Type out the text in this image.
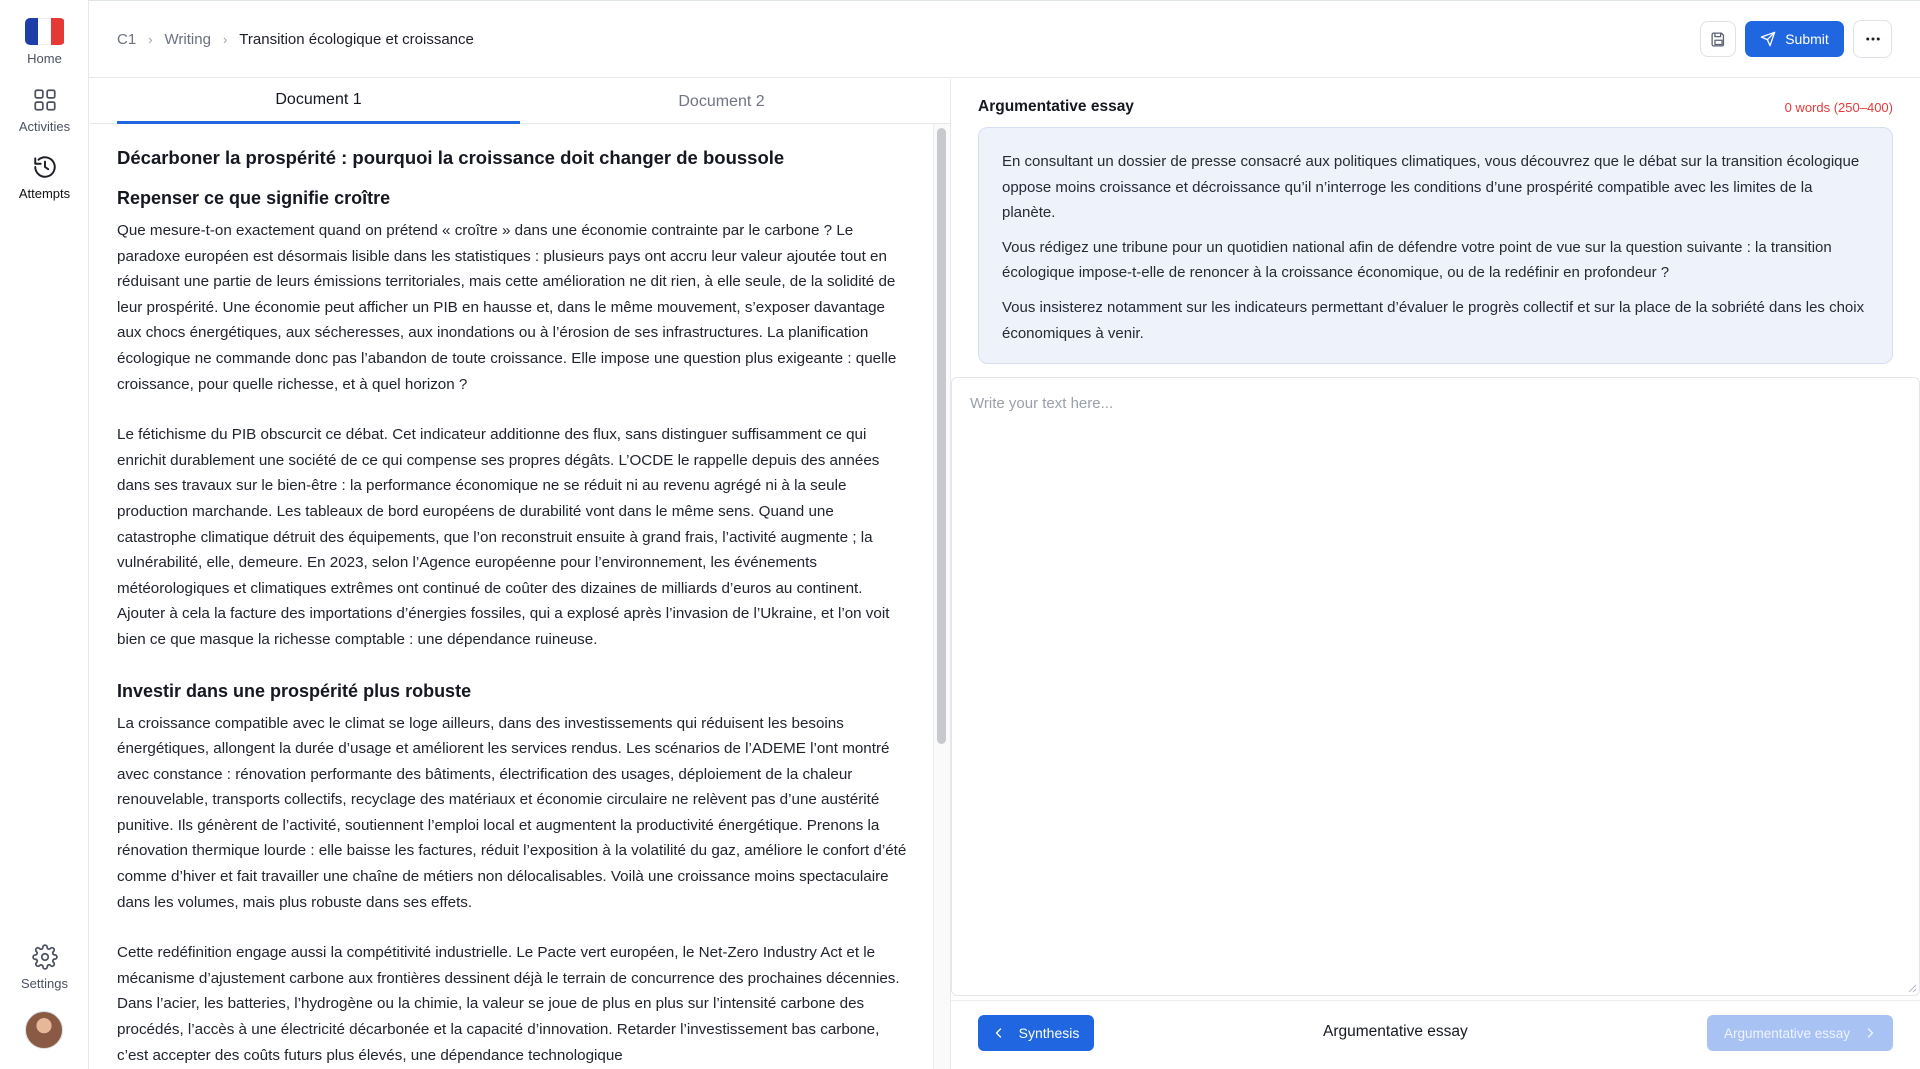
Home
Activities
Attempts
Settings
C1 › Writing › Transition écologique et croissance	Submit
Document 1	Document 2
Décarboner la prospérité : pourquoi la croissance doit changer de boussole
Repenser ce que signifie croître

Que mesure-t-on exactement quand on prétend « croître » dans une économie contrainte par le carbone ? Le paradoxe européen est désormais lisible dans les statistiques : plusieurs pays ont accru leur valeur ajoutée tout en réduisant une partie de leurs émissions territoriales, mais cette amélioration ne dit rien, à elle seule, de la solidité de leur prospérité. Une économie peut afficher un PIB en hausse et, dans le même mouvement, s’exposer davantage aux chocs énergétiques, aux sécheresses, aux inondations ou à l’érosion de ses infrastructures. La planification écologique ne commande donc pas l’abandon de toute croissance. Elle impose une question plus exigeante : quelle croissance, pour quelle richesse, et à quel horizon ?

Le fétichisme du PIB obscurcit ce débat. Cet indicateur additionne des flux, sans distinguer suffisamment ce qui enrichit durablement une société de ce qui compense ses propres dégâts. L’OCDE le rappelle depuis des années dans ses travaux sur le bien-être : la performance économique ne se réduit ni au revenu agrégé ni à la seule production marchande. Les tableaux de bord européens de durabilité vont dans le même sens. Quand une catastrophe climatique détruit des équipements, que l’on reconstruit ensuite à grand frais, l’activité augmente ; la vulnérabilité, elle, demeure. En 2023, selon l’Agence européenne pour l’environnement, les événements météorologiques et climatiques extrêmes ont continué de coûter des dizaines de milliards d’euros au continent. Ajouter à cela la facture des importations d’énergies fossiles, qui a explosé après l’invasion de l’Ukraine, et l’on voit bien ce que masque la richesse comptable : une dépendance ruineuse.

Investir dans une prospérité plus robuste

La croissance compatible avec le climat se loge ailleurs, dans des investissements qui réduisent les besoins énergétiques, allongent la durée d’usage et améliorent les services rendus. Les scénarios de l’ADEME l’ont montré avec constance : rénovation performante des bâtiments, électrification des usages, déploiement de la chaleur renouvelable, transports collectifs, recyclage des matériaux et économie circulaire ne relèvent pas d’une austérité punitive. Ils génèrent de l’activité, soutiennent l’emploi local et augmentent la productivité énergétique. Prenons la rénovation thermique lourde : elle baisse les factures, réduit l’exposition à la volatilité du gaz, améliore le confort d’été comme d’hiver et fait travailler une chaîne de métiers non délocalisables. Voilà une croissance moins spectaculaire dans les volumes, mais plus robuste dans ses effets.

Cette redéfinition engage aussi la compétitivité industrielle. Le Pacte vert européen, le Net-Zero Industry Act et le mécanisme d’ajustement carbone aux frontières dessinent déjà le terrain de concurrence des prochaines décennies. Dans l’acier, les batteries, l’hydrogène ou la chimie, la valeur se joue de plus en plus sur l’intensité carbone des procédés, l’accès à une électricité décarbonée et la capacité d’innovation. Retarder l’investissement bas carbone, c’est accepter des coûts futurs plus élevés, une dépendance technologique

Argumentative essay	0 words (250–400)

En consultant un dossier de presse consacré aux politiques climatiques, vous découvrez que le débat sur la transition écologique oppose moins croissance et décroissance qu’il n’interroge les conditions d’une prospérité compatible avec les limites de la planète.

Vous rédigez une tribune pour un quotidien national afin de défendre votre point de vue sur la question suivante : la transition écologique impose-t-elle de renoncer à la croissance économique, ou de la redéfinir en profondeur ?

Vous insisterez notamment sur les indicateurs permettant d’évaluer le progrès collectif et sur la place de la sobriété dans les choix économiques à venir.

Write your text here...
Synthesis	Argumentative essay	Argumentative essay
